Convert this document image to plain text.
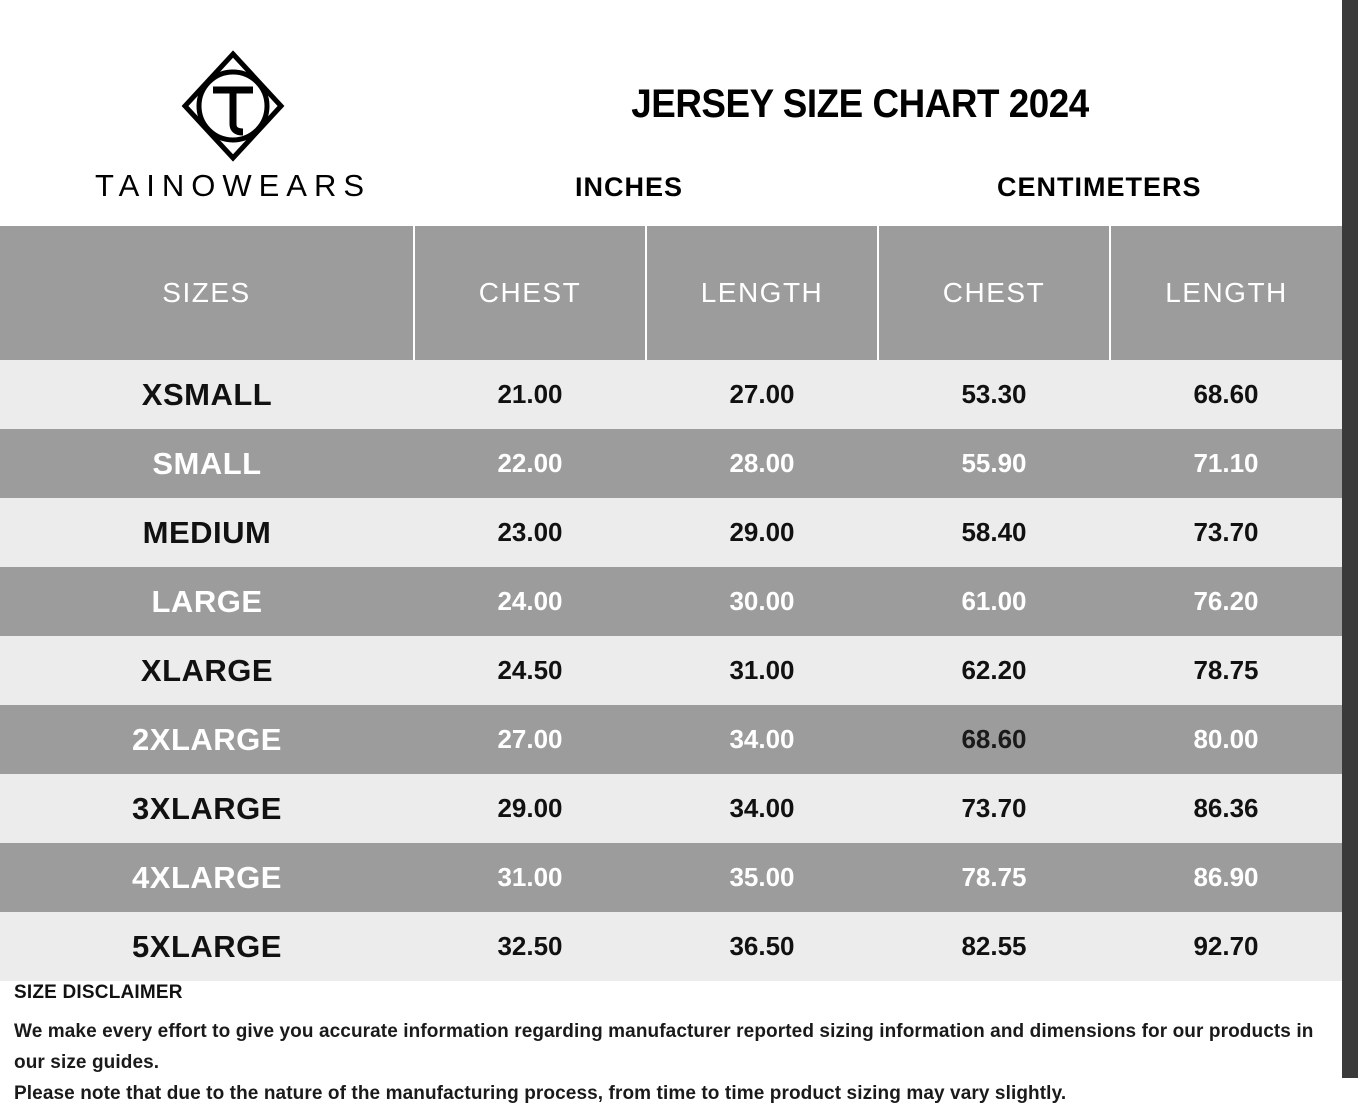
TAINOWEARS
JERSEY SIZE CHART 2024
INCHES	CENTIMETERS
SIZES	CHEST	LENGTH	CHEST	LENGTH
XSMALL	21.00	27.00	53.30	68.60
SMALL	22.00	28.00	55.90	71.10
MEDIUM	23.00	29.00	58.40	73.70
LARGE	24.00	30.00	61.00	76.20
XLARGE	24.50	31.00	62.20	78.75
2XLARGE	27.00	34.00	68.60	80.00
3XLARGE	29.00	34.00	73.70	86.36
4XLARGE	31.00	35.00	78.75	86.90
5XLARGE	32.50	36.50	82.55	92.70
SIZE DISCLAIMER
We make every effort to give you accurate information regarding manufacturer reported sizing information and dimensions for our products in our size guides.
Please note that due to the nature of the manufacturing process, from time to time product sizing may vary slightly.
